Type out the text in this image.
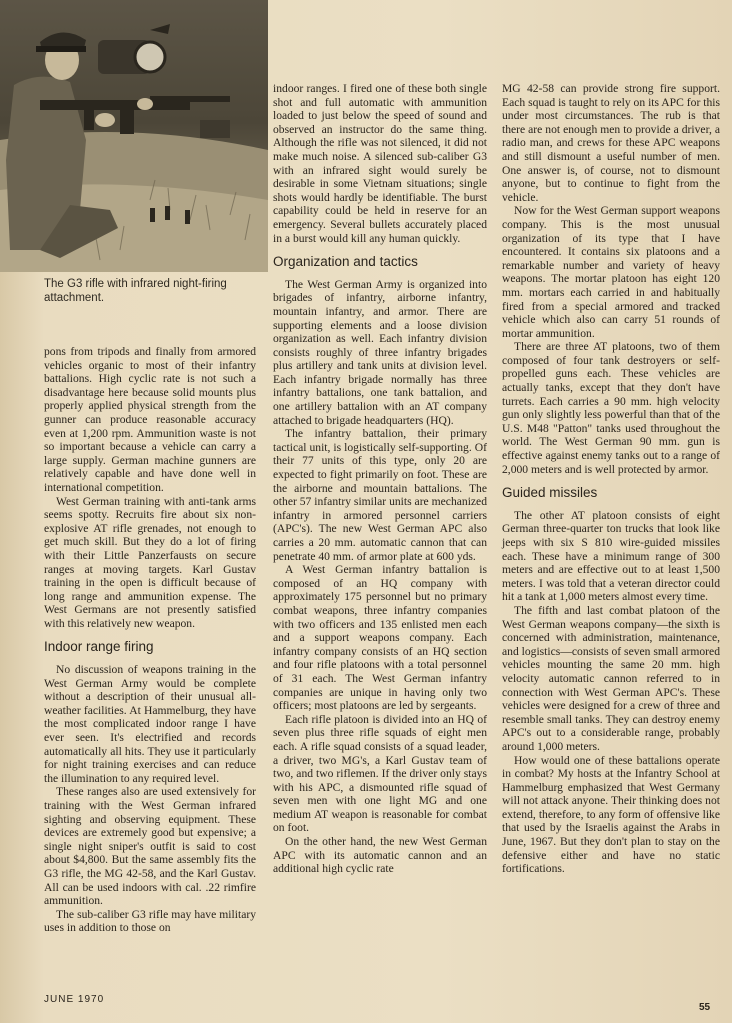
The G3 rifle with infrared night-firing attachment.

pons from tripods and finally from armored vehicles organic to most of their infantry battalions. High cyclic rate is not such a disadvantage here because solid mounts plus properly applied physical strength from the gunner can produce reasonable accuracy even at 1,200 rpm. Ammunition waste is not so important because a vehicle can carry a large supply. German machine gunners are relatively capable and have done well in international competition.

West German training with anti-tank arms seems spotty. Recruits fire about six non-explosive AT rifle grenades, not enough to get much skill. But they do a lot of firing with their Little Panzerfausts on secure ranges at moving targets. Karl Gustav training in the open is difficult because of long range and ammunition expense. The West Germans are not presently satisfied with this relatively new weapon.

Indoor range firing

No discussion of weapons training in the West German Army would be complete without a description of their unusual all-weather facilities. At Hammelburg, they have the most complicated indoor range I have ever seen. It's electrified and records automatically all hits. They use it particularly for night training exercises and can reduce the illumination to any required level.

These ranges also are used extensively for training with the West German infrared sighting and observing equipment. These devices are extremely good but expensive; a single night sniper's outfit is said to cost about $4,800. But the same assembly fits the G3 rifle, the MG 42-58, and the Karl Gustav. All can be used indoors with cal. .22 rimfire ammunition.

The sub-caliber G3 rifle may have military uses in addition to those on

indoor ranges. I fired one of these both single shot and full automatic with ammunition loaded to just below the speed of sound and observed an instructor do the same thing. Although the rifle was not silenced, it did not make much noise. A silenced sub-caliber G3 with an infrared sight would surely be desirable in some Vietnam situations; single shots would hardly be identifiable. The burst capability could be held in reserve for an emergency. Several bullets accurately placed in a burst would kill any human quickly.

Organization and tactics

The West German Army is organized into brigades of infantry, airborne infantry, mountain infantry, and armor. There are supporting elements and a loose division organization as well. Each infantry division consists roughly of three infantry brigades plus artillery and tank units at division level. Each infantry brigade normally has three infantry battalions, one tank battalion, and one artillery battalion with an AT company attached to brigade headquarters (HQ).

The infantry battalion, their primary tactical unit, is logistically self-supporting. Of their 77 units of this type, only 20 are expected to fight primarily on foot. These are the airborne and mountain battalions. The other 57 infantry similar units are mechanized infantry in armored personnel carriers (APC's). The new West German APC also carries a 20 mm. automatic cannon that can penetrate 40 mm. of armor plate at 600 yds.

A West German infantry battalion is composed of an HQ company with approximately 175 personnel but no primary combat weapons, three infantry companies with two officers and 135 enlisted men each and a support weapons company. Each infantry company consists of an HQ section and four rifle platoons with a total personnel of 31 each. The West German infantry companies are unique in having only two officers; most platoons are led by sergeants.

Each rifle platoon is divided into an HQ of seven plus three rifle squads of eight men each. A rifle squad consists of a squad leader, a driver, two MG's, a Karl Gustav team of two, and two riflemen. If the driver only stays with his APC, a dismounted rifle squad of seven men with one light MG and one medium AT weapon is reasonable for combat on foot.

On the other hand, the new West German APC with its automatic cannon and an additional high cyclic rate

MG 42-58 can provide strong fire support. Each squad is taught to rely on its APC for this under most circumstances. The rub is that there are not enough men to provide a driver, a radio man, and crews for these APC weapons and still dismount a useful number of men. One answer is, of course, not to dismount anyone, but to continue to fight from the vehicle.

Now for the West German support weapons company. This is the most unusual organization of its type that I have encountered. It contains six platoons and a remarkable number and variety of heavy weapons. The mortar platoon has eight 120 mm. mortars each carried in and habitually fired from a special armored and tracked vehicle which also can carry 51 rounds of mortar ammunition.

There are three AT platoons, two of them composed of four tank destroyers or self-propelled guns each. These vehicles are actually tanks, except that they don't have turrets. Each carries a 90 mm. high velocity gun only slightly less powerful than that of the U.S. M48 "Patton" tanks used throughout the world. The West German 90 mm. gun is effective against enemy tanks out to a range of 2,000 meters and is well protected by armor.

Guided missiles

The other AT platoon consists of eight German three-quarter ton trucks that look like jeeps with six S 810 wire-guided missiles each. These have a minimum range of 300 meters and are effective out to at least 1,500 meters. I was told that a veteran director could hit a tank at 1,000 meters almost every time.

The fifth and last combat platoon of the West German weapons company—the sixth is concerned with administration, maintenance, and logistics—consists of seven small armored vehicles mounting the same 20 mm. high velocity automatic cannon referred to in connection with West German APC's. These vehicles were designed for a crew of three and resemble small tanks. They can destroy enemy APC's out to a considerable range, probably around 1,000 meters.

How would one of these battalions operate in combat? My hosts at the Infantry School at Hammelburg emphasized that West Germany will not attack anyone. Their thinking does not extend, therefore, to any form of offensive like that used by the Israelis against the Arabs in June, 1967. But they don't plan to stay on the defensive either and have no static fortifications.

JUNE 1970
55
